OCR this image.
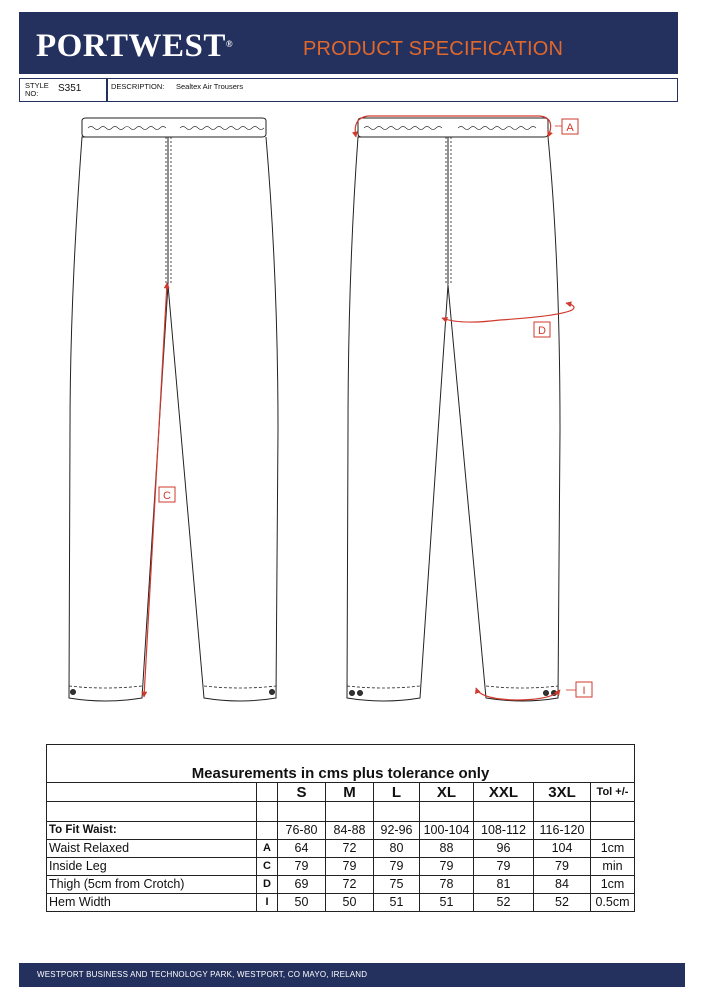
PORTWEST®	PRODUCT SPECIFICATION
STYLE
NO:	S351	DESCRIPTION: Sealtex Air Trousers
A
C
D
I
Measurements in cms plus tolerance only								
		S	M	L	XL	XXL	3XL	Tol +/-

To Fit Waist:		76-80	84-88	92-96	100-104	108-112	116-120	
Waist Relaxed	A	64	72	80	88	96	104	1cm
Inside Leg	C	79	79	79	79	79	79	min
Thigh (5cm from Crotch)	D	69	72	75	78	81	84	1cm
Hem Width	I	50	50	51	51	52	52	0.5cm
WESTPORT BUSINESS AND TECHNOLOGY PARK, WESTPORT, CO MAYO, IRELAND
